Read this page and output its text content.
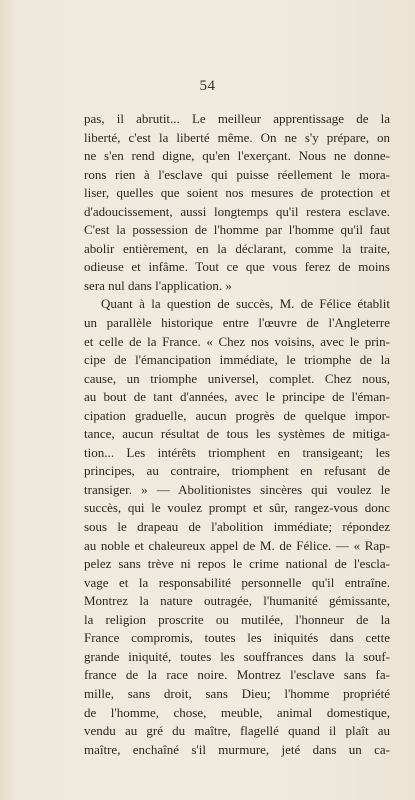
54
pas, il abrutit... Le meilleur apprentissage de la
liberté, c'est la liberté même. On ne s'y prépare, on
ne s'en rend digne, qu'en l'exerçant. Nous ne donne-
rons rien à l'esclave qui puisse réellement le mora-
liser, quelles que soient nos mesures de protection et
d'adoucissement, aussi longtemps qu'il restera esclave.
C'est la possession de l'homme par l'homme qu'il faut
abolir entièrement, en la déclarant, comme la traite,
odieuse et infâme. Tout ce que vous ferez de moins
sera nul dans l'application. »
Quant à la question de succès, M. de Félice établit
un parallèle historique entre l'œuvre de l'Angleterre
et celle de la France. « Chez nos voisins, avec le prin-
cipe de l'émancipation immédiate, le triomphe de la
cause, un triomphe universel, complet. Chez nous,
au bout de tant d'années, avec le principe de l'éman-
cipation graduelle, aucun progrès de quelque impor-
tance, aucun résultat de tous les systèmes de mitiga-
tion... Les intérêts triomphent en transigeant; les
principes, au contraire, triomphent en refusant de
transiger. » — Abolitionistes sincères qui voulez le
succès, qui le voulez prompt et sûr, rangez-vous donc
sous le drapeau de l'abolition immédiate; répondez
au noble et chaleureux appel de M. de Félice. — « Rap-
pelez sans trève ni repos le crime national de l'escla-
vage et la responsabilité personnelle qu'il entraîne.
Montrez la nature outragée, l'humanité gémissante,
la religion proscrite ou mutilée, l'honneur de la
France compromis, toutes les iniquités dans cette
grande iniquité, toutes les souffrances dans la souf-
france de la race noire. Montrez l'esclave sans fa-
mille, sans droit, sans Dieu; l'homme propriété
de l'homme, chose, meuble, animal domestique,
vendu au gré du maître, flagellé quand il plaît au
maître, enchaîné s'il murmure, jeté dans un ca-
